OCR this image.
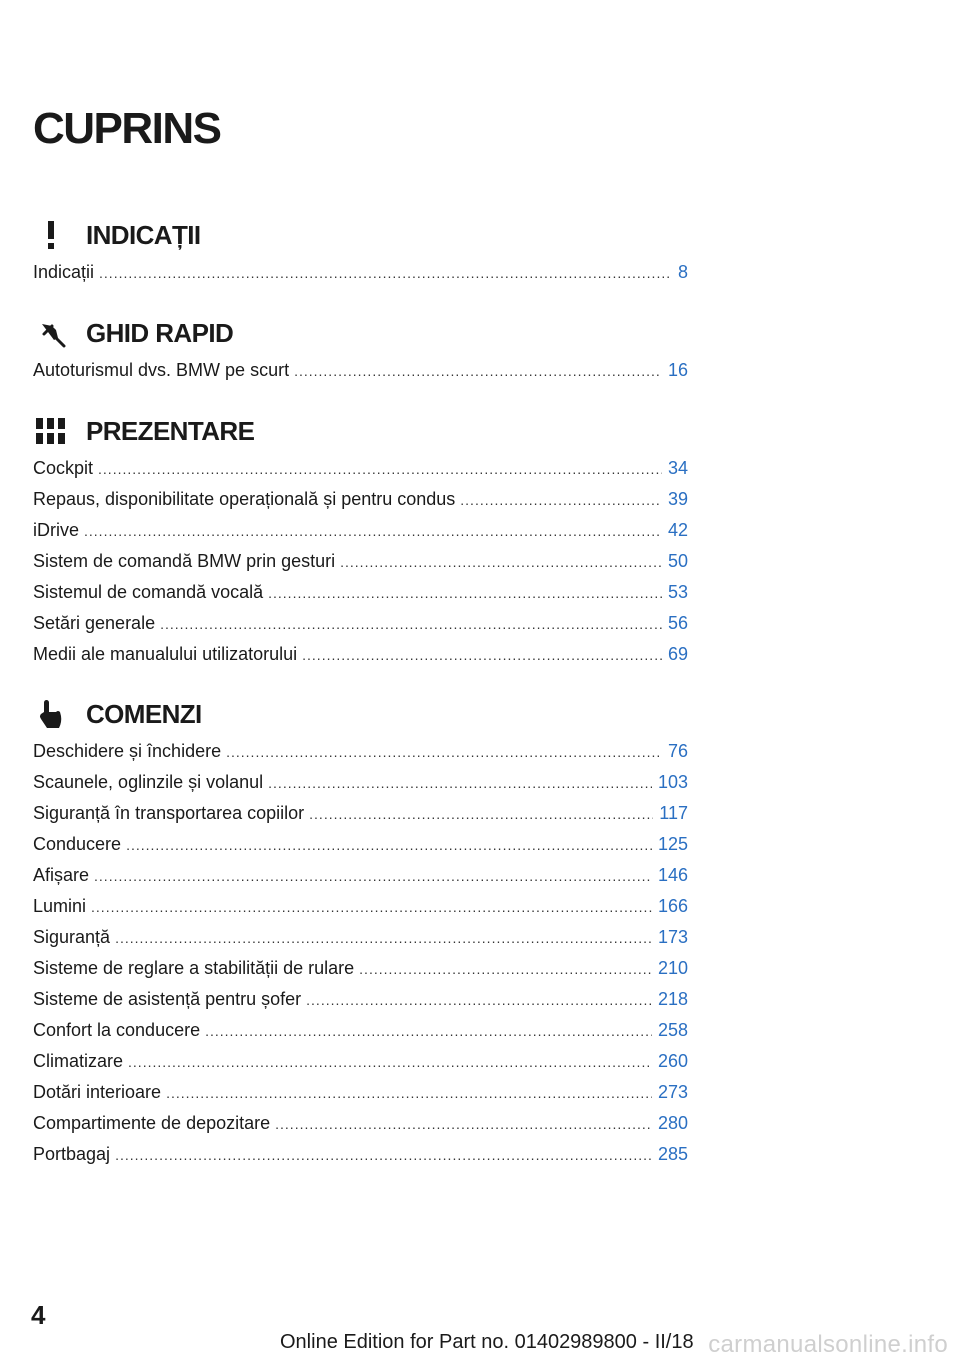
CUPRINS
INDICAȚII
Indicații .....	8
GHID RAPID
Autoturismul dvs. BMW pe scurt .....	16
PREZENTARE
Cockpit .....	34
Repaus, disponibilitate operațională și pentru condus .....	39
iDrive .....	42
Sistem de comandă BMW prin gesturi .....	50
Sistemul de comandă vocală .....	53
Setări generale .....	56
Medii ale manualului utilizatorului .....	69
COMENZI
Deschidere și închidere .....	76
Scaunele, oglinzile și volanul .....	103
Siguranță în transportarea copiilor .....	117
Conducere .....	125
Afișare .....	146
Lumini .....	166
Siguranță .....	173
Sisteme de reglare a stabilității de rulare .....	210
Sisteme de asistență pentru șofer .....	218
Confort la conducere .....	258
Climatizare .....	260
Dotări interioare .....	273
Compartimente de depozitare .....	280
Portbagaj .....	285
4
Online Edition for Part no. 01402989800 - II/18 carmanualsonline.info
